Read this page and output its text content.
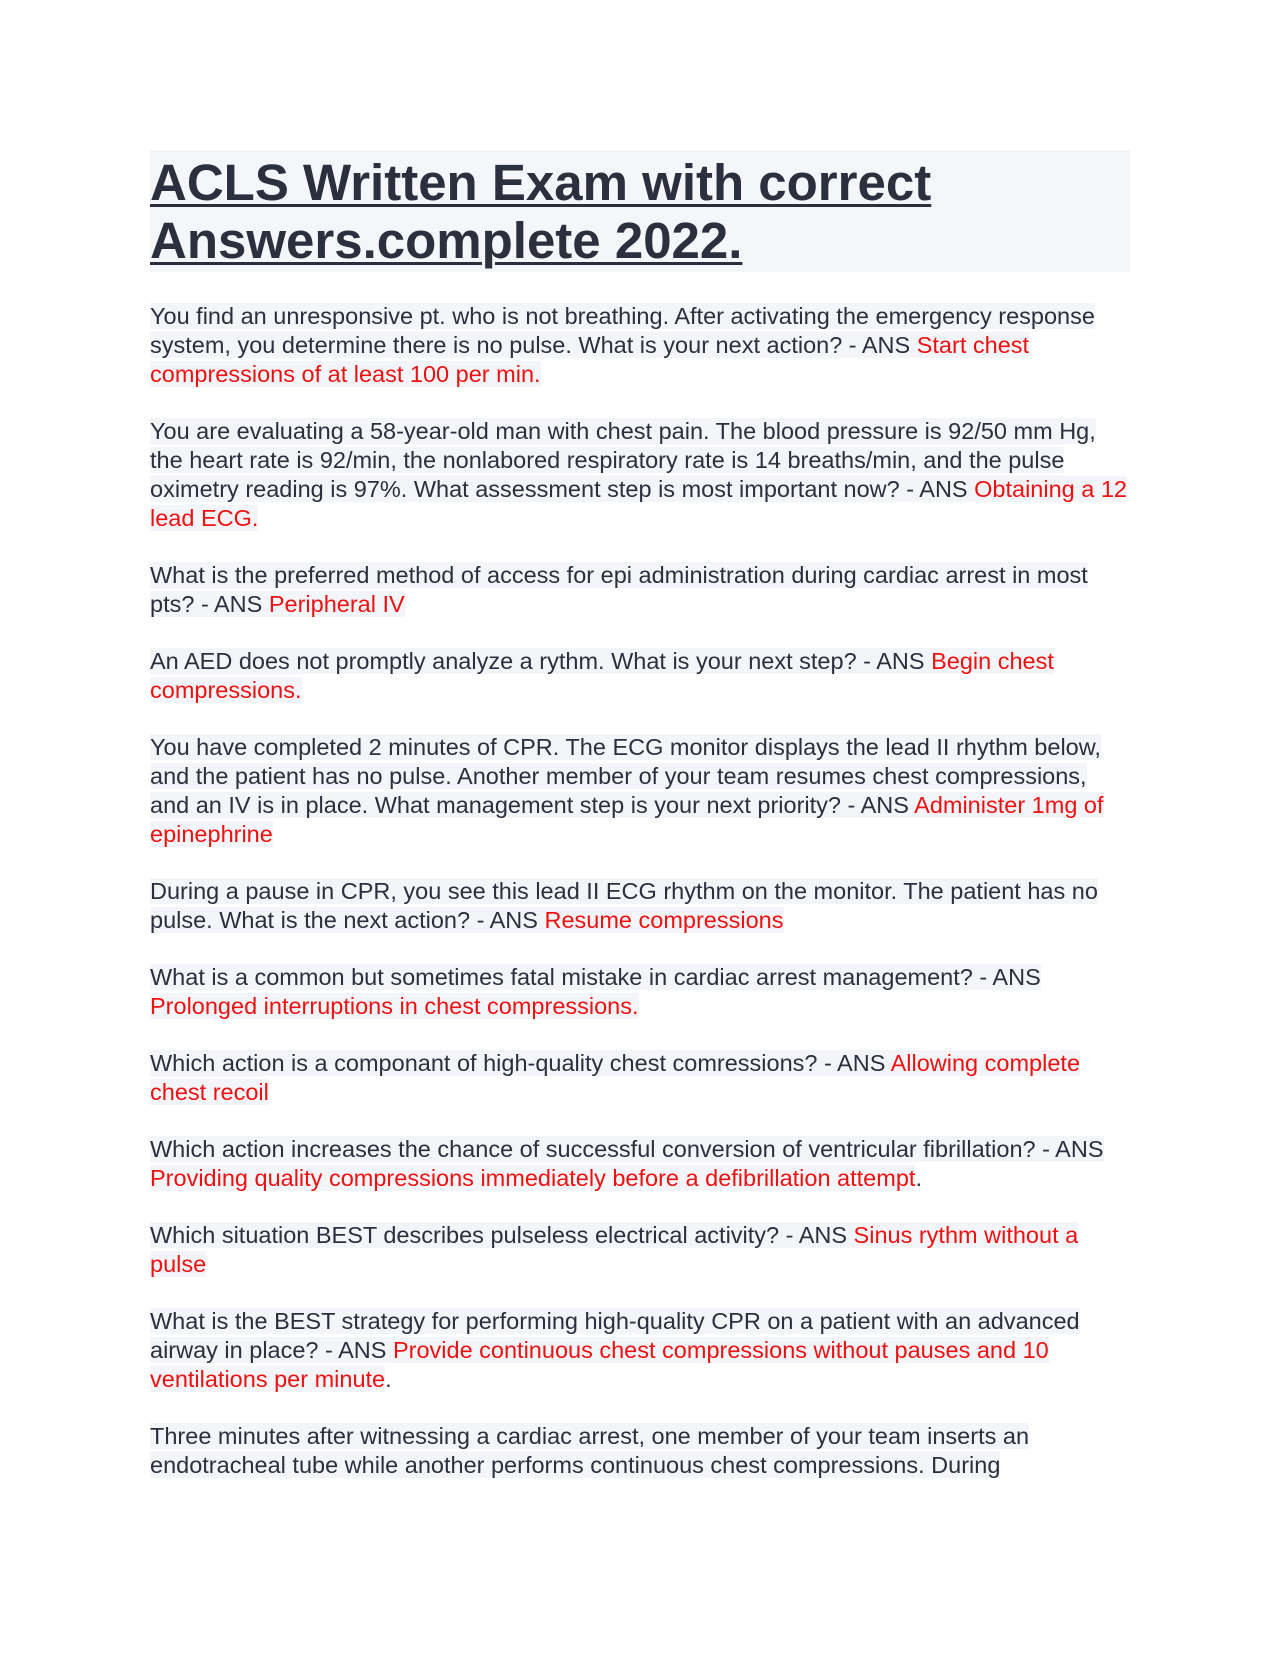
ACLS Written Exam with correct Answers.complete 2022.

You find an unresponsive pt. who is not breathing. After activating the emergency response system, you determine there is no pulse. What is your next action? - ANS Start chest compressions of at least 100 per min.

You are evaluating a 58-year-old man with chest pain. The blood pressure is 92/50 mm Hg, the heart rate is 92/min, the nonlabored respiratory rate is 14 breaths/min, and the pulse oximetry reading is 97%. What assessment step is most important now? - ANS Obtaining a 12 lead ECG.

What is the preferred method of access for epi administration during cardiac arrest in most pts? - ANS Peripheral IV

An AED does not promptly analyze a rythm. What is your next step? - ANS Begin chest compressions.

You have completed 2 minutes of CPR. The ECG monitor displays the lead II rhythm below, and the patient has no pulse. Another member of your team resumes chest compressions, and an IV is in place. What management step is your next priority? - ANS Administer 1mg of epinephrine

During a pause in CPR, you see this lead II ECG rhythm on the monitor. The patient has no pulse. What is the next action? - ANS Resume compressions

What is a common but sometimes fatal mistake in cardiac arrest management? - ANS Prolonged interruptions in chest compressions.

Which action is a componant of high-quality chest comressions? - ANS Allowing complete chest recoil

Which action increases the chance of successful conversion of ventricular fibrillation? - ANS Providing quality compressions immediately before a defibrillation attempt.

Which situation BEST describes pulseless electrical activity? - ANS Sinus rythm without a pulse

What is the BEST strategy for performing high-quality CPR on a patient with an advanced airway in place? - ANS Provide continuous chest compressions without pauses and 10 ventilations per minute.

Three minutes after witnessing a cardiac arrest, one member of your team inserts an endotracheal tube while another performs continuous chest compressions. During
